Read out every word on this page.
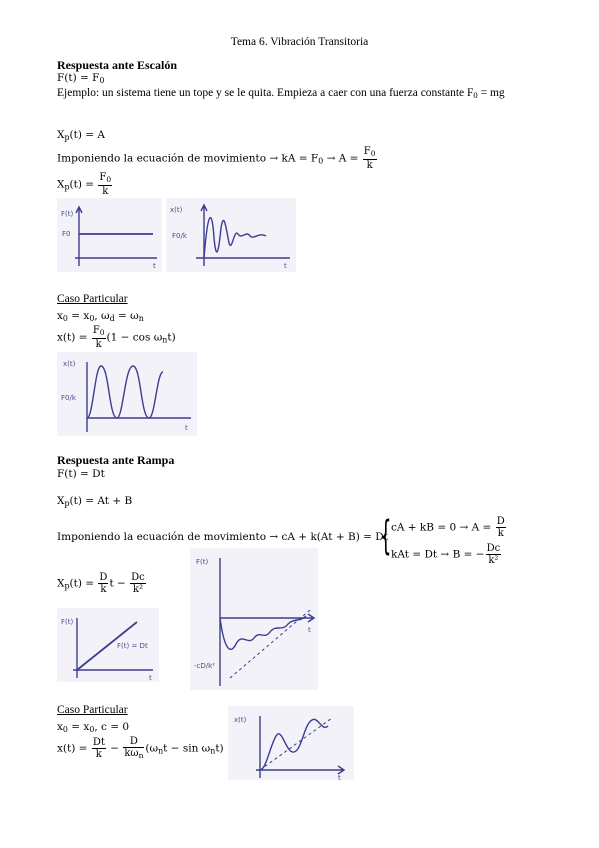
Tema 6. Vibración Transitoria
Respuesta ante Escalón
$F(t) = F_0$
Ejemplo: un sistema tiene un tope y se le quita. Empieza a caer con una fuerza constante $F_0$ = mg
$X_p(t) = A$
Imponiendo la ecuación de movimiento → kA = $F_0 \to A = \frac{F_0}{k}$
$X_p(t) = \frac{F_0}{k}$
F(t)
F0
t
x(t)
F0/k
t
Caso Particular
$x_0 = x_0$, $\omega_d = \omega_n$
$x(t) = \frac{F_0}{k} (1 - \cos \omega_nt)$
x(t)
F0/k
t
Respuesta ante Rampa
F(t) = Dt
$X_p(t) = At + B$
Imponiendo la ecuación de movimiento → cA + k(At + B) = Dt
{ cA + kB = $0 \to A = \frac{D}{k}$
kAt = Dt → B = − $\frac{Dc}{\text{k²}}$
$X_p(t) = \frac{D}{k}$ $t - \frac{Dc}{\text{k²}}$
F(t)
-cD/k²
t
F(t)
F(t) = Dt
t
Caso Particular
$x_0 = x_0$, c = 0
$x(t) = \frac{Dt}{k} - \frac{D}{k\omega_n} (\omega_nt - \sin \omega_nt)$
x(t)
t
